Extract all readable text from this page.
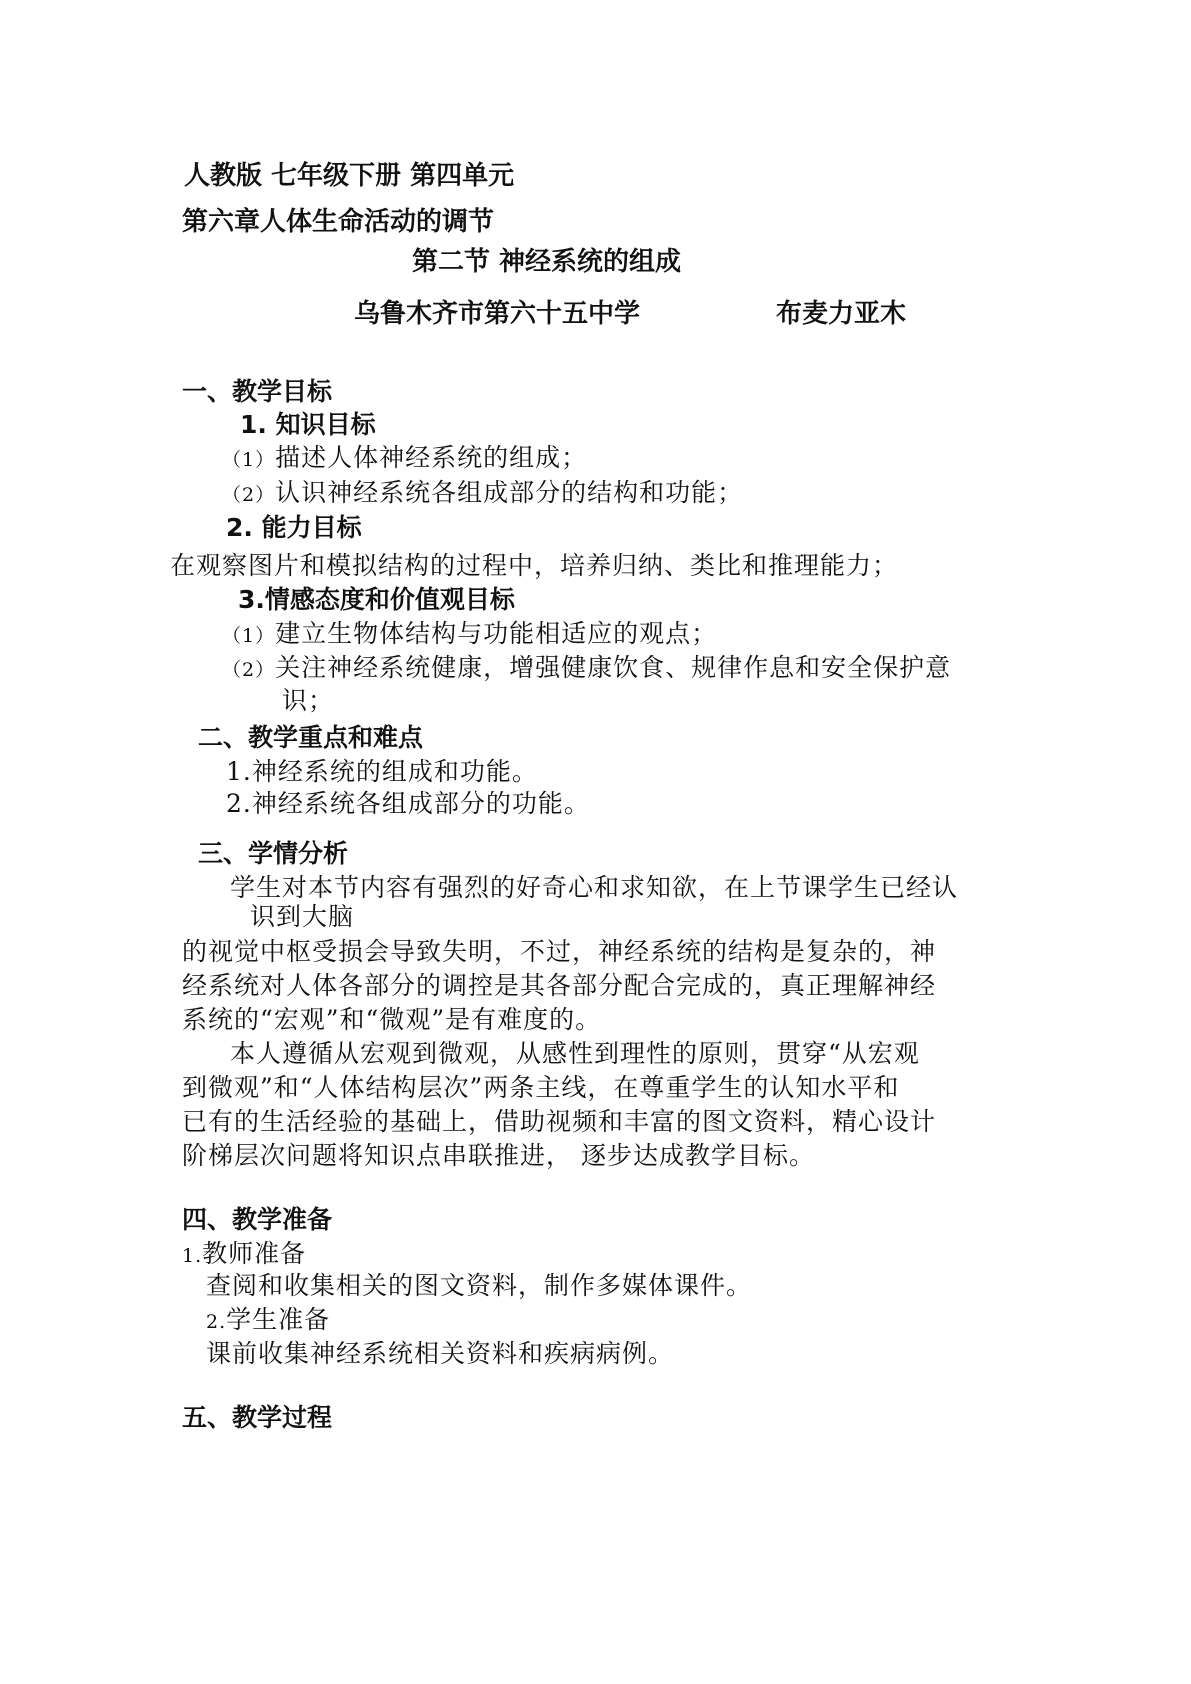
人教版 七年级下册 第四单元
第六章人体生命活动的调节
第二节 神经系统的组成
乌鲁木齐市第六十五中学	布麦力亚木
一、教学目标
1. 知识目标
（1）描述人体神经系统的组成；
（2）认识神经系统各组成部分的结构和功能；
2. 能力目标
在观察图片和模拟结构的过程中，培养归纳、类比和推理能力；
3.情感态度和价值观目标
（1）建立生物体结构与功能相适应的观点；
（2）关注神经系统健康，增强健康饮食、规律作息和安全保护意
识；
二、教学重点和难点
1.神经系统的组成和功能。
2.神经系统各组成部分的功能。
三、学情分析
学生对本节内容有强烈的好奇心和求知欲，在上节课学生已经认
识到大脑
的视觉中枢受损会导致失明，不过，神经系统的结构是复杂的，神
经系统对人体各部分的调控是其各部分配合完成的，真正理解神经
系统的“宏观”和“微观”是有难度的。
本人遵循从宏观到微观，从感性到理性的原则，贯穿“从宏观
到微观”和“人体结构层次”两条主线，在尊重学生的认知水平和
已有的生活经验的基础上，借助视频和丰富的图文资料，精心设计
阶梯层次问题将知识点串联推进， 逐步达成教学目标。
四、教学准备
1.教师准备
查阅和收集相关的图文资料，制作多媒体课件。
2.学生准备
课前收集神经系统相关资料和疾病病例。
五、教学过程
